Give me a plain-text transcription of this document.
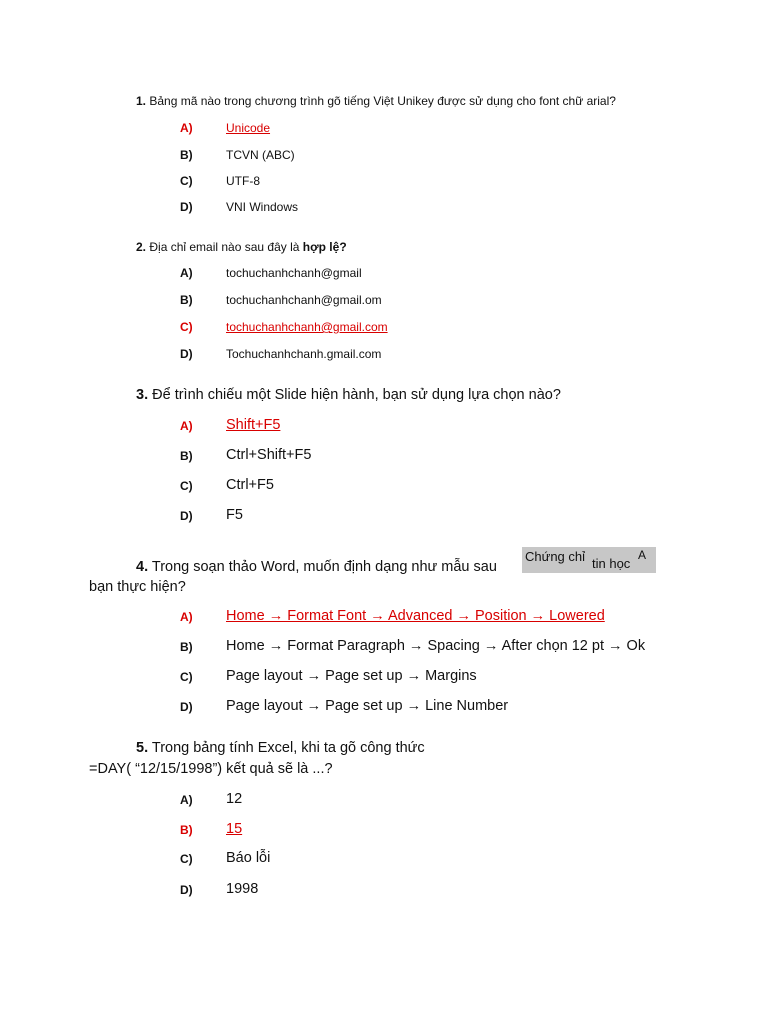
1. Bảng mã nào trong chương trình gõ tiếng Việt Unikey được sử dụng cho font chữ arial?
A)	Unicode
B)	TCVN (ABC)
C)	UTF-8
D)	VNI Windows
2. Địa chỉ email nào sau đây là hợp lệ?
A)	tochuchanhchanh@gmail
B)	tochuchanhchanh@gmail.om
C)	tochuchanhchanh@gmail.com
D)	Tochuchanhchanh.gmail.com
3. Để trình chiếu một Slide hiện hành, bạn sử dụng lựa chọn nào?
A) Shift+F5
B) Ctrl+Shift+F5
C) Ctrl+F5
D) F5
4. Trong soạn thảo Word, muốn định dạng như mẫu sau
Chứng chỉ tin học
A
bạn thực hiện?
A) Home → Format Font → Advanced → Position → Lowered
B) Home → Format Paragraph → Spacing → After chọn 12 pt → Ok
C) Page layout → Page set up → Margins
D) Page layout → Page set up → Line Number
5. Trong bảng tính Excel, khi ta gõ công thức
=DAY( “12/15/1998”) kết quả sẽ là ...?
A) 12
B) 15
C) Báo lỗi
D) 1998
